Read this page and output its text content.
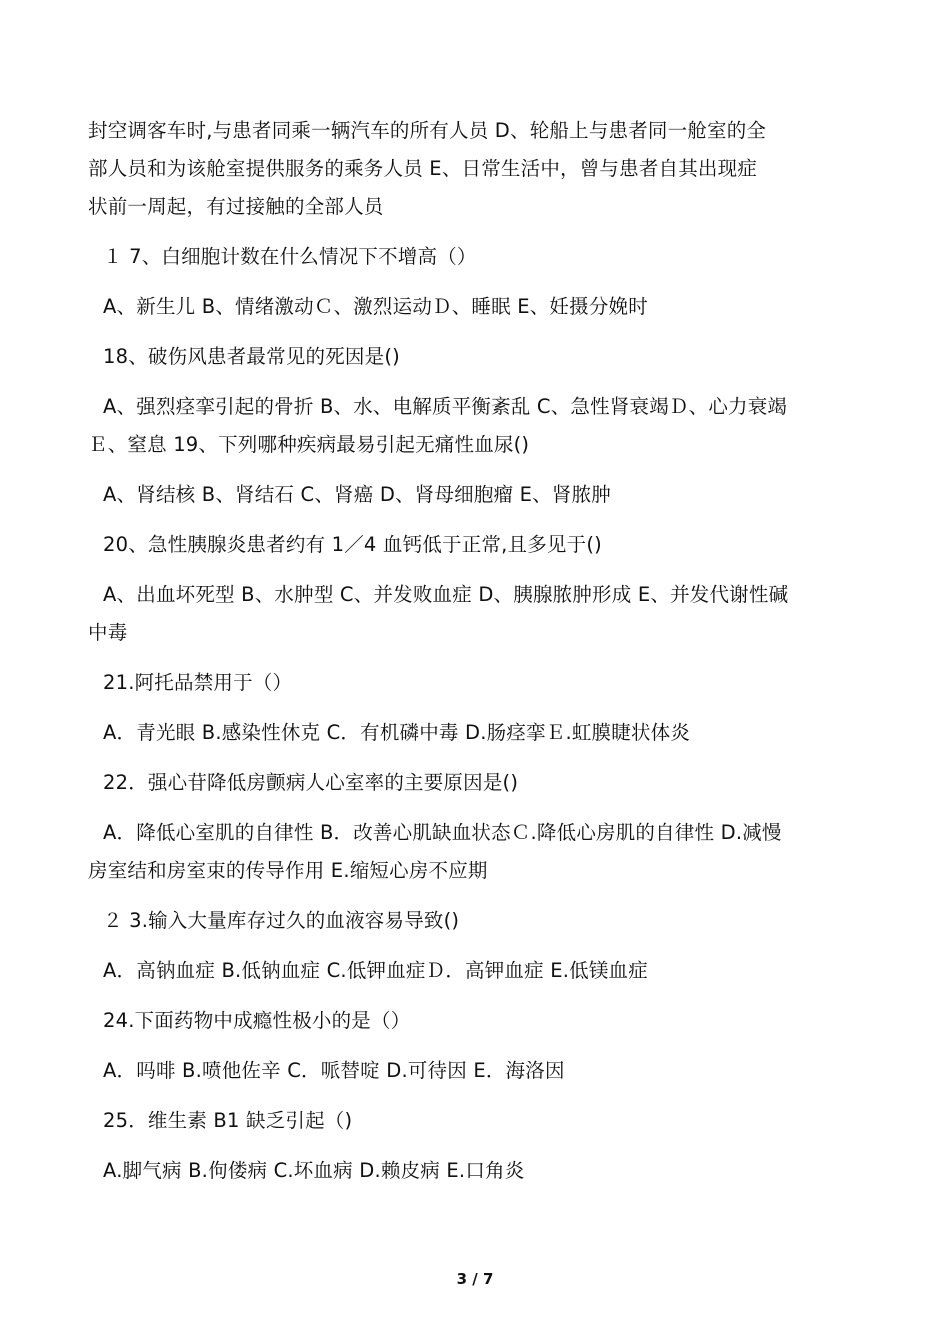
封空调客车时,与患者同乘一辆汽车的所有人员 D、轮船上与患者同一舱室的全
部人员和为该舱室提供服务的乘务人员 E、日常生活中，曾与患者自其出现症
状前一周起，有过接触的全部人员
１ 7、白细胞计数在什么情况下不增高（）
A、新生儿 B、情绪激动Ｃ、激烈运动Ｄ、睡眠 E、妊摄分娩时
18、破伤风患者最常见的死因是()
A、强烈痉挛引起的骨折 B、水、电解质平衡紊乱 C、急性肾衰竭Ｄ、心力衰竭
Ｅ、窒息 19、下列哪种疾病最易引起无痛性血尿()
A、肾结核 B、肾结石 C、肾癌 D、肾母细胞瘤 E、肾脓肿
20、急性胰腺炎患者约有 1／4 血钙低于正常,且多见于()
A、出血坏死型 B、水肿型 C、并发败血症 D、胰腺脓肿形成 E、并发代谢性碱
中毒
21.阿托品禁用于（）
A．青光眼 B.感染性休克 C．有机磷中毒 D.肠痉挛Ｅ.虹膜睫状体炎
22．强心苷降低房颤病人心室率的主要原因是()
A．降低心室肌的自律性 B．改善心肌缺血状态Ｃ.降低心房肌的自律性 D.减慢
房室结和房室束的传导作用 E.缩短心房不应期
２ 3.输入大量库存过久的血液容易导致()
A．高钠血症 B.低钠血症 C.低钾血症Ｄ．高钾血症 E.低镁血症
24.下面药物中成瘾性极小的是（）
A．吗啡 B.喷他佐辛 C．哌替啶 D.可待因 E．海洛因
25．维生素 B1 缺乏引起（)
A.脚气病 B.佝偻病 C.坏血病 D.赖皮病 E.口角炎
3 / 7
